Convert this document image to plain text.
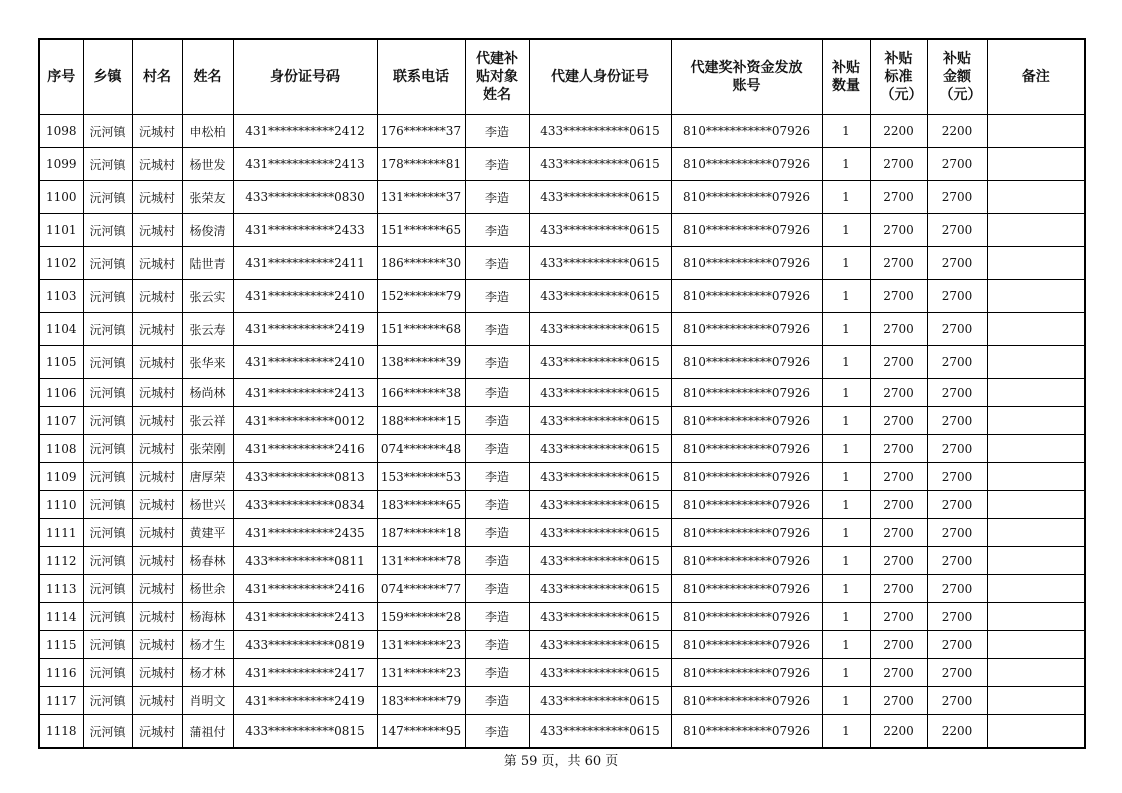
序号	乡镇	村名	姓名	身份证号码	联系电话	代建补贴对象姓名	代建人身份证号	代建奖补资金发放账号	补贴数量	补贴标准（元）	补贴金额（元）	备注
1098	沅河镇	沅城村	申松柏	431***********2412	176*******37	李造	433***********0615	810***********07926	1	2200	2200	
1099	沅河镇	沅城村	杨世发	431***********2413	178*******81	李造	433***********0615	810***********07926	1	2700	2700	
1100	沅河镇	沅城村	张荣友	433***********0830	131*******37	李造	433***********0615	810***********07926	1	2700	2700	
1101	沅河镇	沅城村	杨俊清	431***********2433	151*******65	李造	433***********0615	810***********07926	1	2700	2700	
1102	沅河镇	沅城村	陆世青	431***********2411	186*******30	李造	433***********0615	810***********07926	1	2700	2700	
1103	沅河镇	沅城村	张云实	431***********2410	152*******79	李造	433***********0615	810***********07926	1	2700	2700	
1104	沅河镇	沅城村	张云寿	431***********2419	151*******68	李造	433***********0615	810***********07926	1	2700	2700	
1105	沅河镇	沅城村	张华来	431***********2410	138*******39	李造	433***********0615	810***********07926	1	2700	2700	
1106	沅河镇	沅城村	杨尚林	431***********2413	166*******38	李造	433***********0615	810***********07926	1	2700	2700	
1107	沅河镇	沅城村	张云祥	431***********0012	188*******15	李造	433***********0615	810***********07926	1	2700	2700	
1108	沅河镇	沅城村	张荣刚	431***********2416	074*******48	李造	433***********0615	810***********07926	1	2700	2700	
1109	沅河镇	沅城村	唐厚荣	433***********0813	153*******53	李造	433***********0615	810***********07926	1	2700	2700	
1110	沅河镇	沅城村	杨世兴	433***********0834	183*******65	李造	433***********0615	810***********07926	1	2700	2700	
1111	沅河镇	沅城村	黄建平	431***********2435	187*******18	李造	433***********0615	810***********07926	1	2700	2700	
1112	沅河镇	沅城村	杨春林	433***********0811	131*******78	李造	433***********0615	810***********07926	1	2700	2700	
1113	沅河镇	沅城村	杨世余	431***********2416	074*******77	李造	433***********0615	810***********07926	1	2700	2700	
1114	沅河镇	沅城村	杨海林	431***********2413	159*******28	李造	433***********0615	810***********07926	1	2700	2700	
1115	沅河镇	沅城村	杨才生	433***********0819	131*******23	李造	433***********0615	810***********07926	1	2700	2700	
1116	沅河镇	沅城村	杨才林	431***********2417	131*******23	李造	433***********0615	810***********07926	1	2700	2700	
1117	沅河镇	沅城村	肖明文	431***********2419	183*******79	李造	433***********0615	810***********07926	1	2700	2700	
1118	沅河镇	沅城村	蒲祖付	433***********0815	147*******95	李造	433***********0615	810***********07926	1	2200	2200	
第 59 页，共 60 页
